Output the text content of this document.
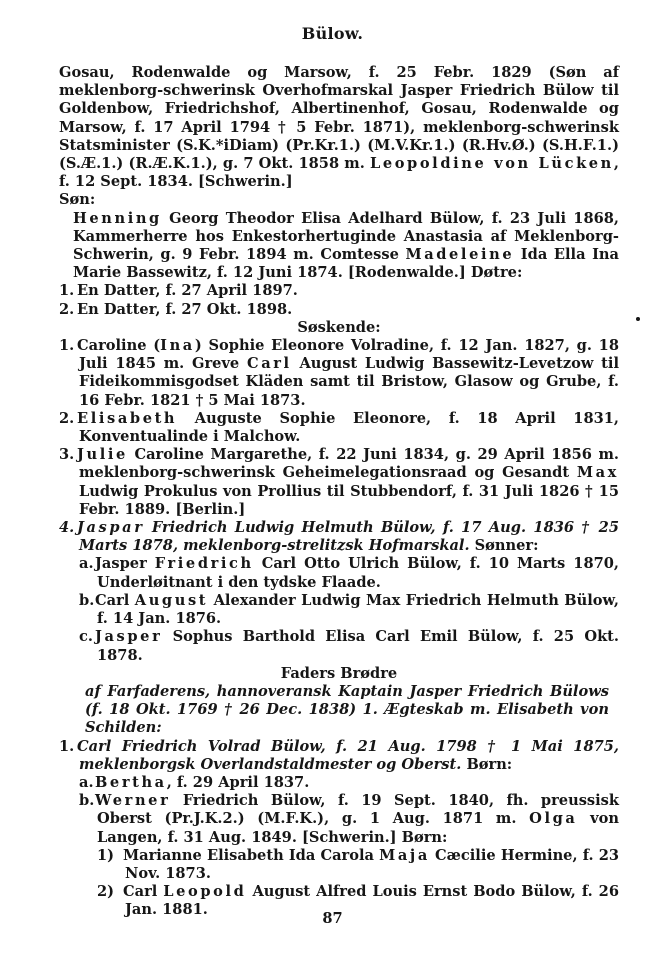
Bülow.

Gosau, Rodenwalde og Marsow, f. 25 Febr. 1829 (Søn af meklenborg-schwerinsk Overhofmarskal Jasper Friedrich Bülow til Goldenbow, Friedrichshof, Albertinenhof, Gosau, Rodenwalde og Marsow, f. 17 April 1794 † 5 Febr. 1871), meklenborg-schwerinsk Statsminister (S.K.*iDiam) (Pr.Kr.1.) (M.V.Kr.1.) (R.Hv.Ø.) (S.H.F.1.) (S.Æ.1.) (R.Æ.K.1.), g. 7 Okt. 1858 m. Leopoldine von Lücken, f. 12 Sept. 1834. [Schwerin.]

Søn:

Henning Georg Theodor Elisa Adelhard Bülow, f. 23 Juli 1868, Kammerherre hos Enkestorhertuginde Anastasia af Meklenborg-Schwerin, g. 9 Febr. 1894 m. Comtesse Madeleine Ida Ella Ina Marie Bassewitz, f. 12 Juni 1874. [Rodenwalde.] Døtre:

1. En Datter, f. 27 April 1897.

2. En Datter, f. 27 Okt. 1898.

Søskende:

1. Caroline (Ina) Sophie Eleonore Volradine, f. 12 Jan. 1827, g. 18 Juli 1845 m. Greve Carl August Ludwig Bassewitz-Levetzow til Fideikommisgodset Kläden samt til Bristow, Glasow og Grube, f. 16 Febr. 1821 † 5 Mai 1873.

2. Elisabeth Auguste Sophie Eleonore, f. 18 April 1831, Konventualinde i Malchow.

3. Julie Caroline Margarethe, f. 22 Juni 1834, g. 29 April 1856 m. meklenborg-schwerinsk Geheimelegationsraad og Gesandt Max Ludwig Prokulus von Prollius til Stubbendorf, f. 31 Juli 1826 † 15 Febr. 1889. [Berlin.]

4. Jaspar Friedrich Ludwig Helmuth Bülow, f. 17 Aug. 1836 † 25 Marts 1878, meklenborg-strelitzsk Hofmarskal. Sønner:

a.Jasper Friedrich Carl Otto Ulrich Bülow, f. 10 Marts 1870, Underløitnant i den tydske Flaade.

b.Carl August Alexander Ludwig Max Friedrich Helmuth Bülow, f. 14 Jan. 1876.

c. Jasper Sophus Barthold Elisa Carl Emil Bülow, f. 25 Okt. 1878.

Faders Brødre

af Farfaderens, hannoveransk Kaptain Jasper Friedrich Bülows (f. 18 Okt. 1769 † 26 Dec. 1838) 1. Ægteskab m. Elisabeth von Schilden:

1. Carl Friedrich Volrad Bülow, f. 21 Aug. 1798 † 1 Mai 1875, meklenborgsk Overlandstaldmester og Oberst. Børn:

a.Bertha, f. 29 April 1837.

b.Werner Friedrich Bülow, f. 19 Sept. 1840, fh. preussisk Oberst (Pr.J.K.2.) (M.F.K.), g. 1 Aug. 1871 m. Olga von Langen, f. 31 Aug. 1849. [Schwerin.] Børn:

1) Marianne Elisabeth Ida Carola Maja Cæcilie Hermine, f. 23 Nov. 1873.

2) Carl Leopold August Alfred Louis Ernst Bodo Bülow, f. 26 Jan. 1881.

87
